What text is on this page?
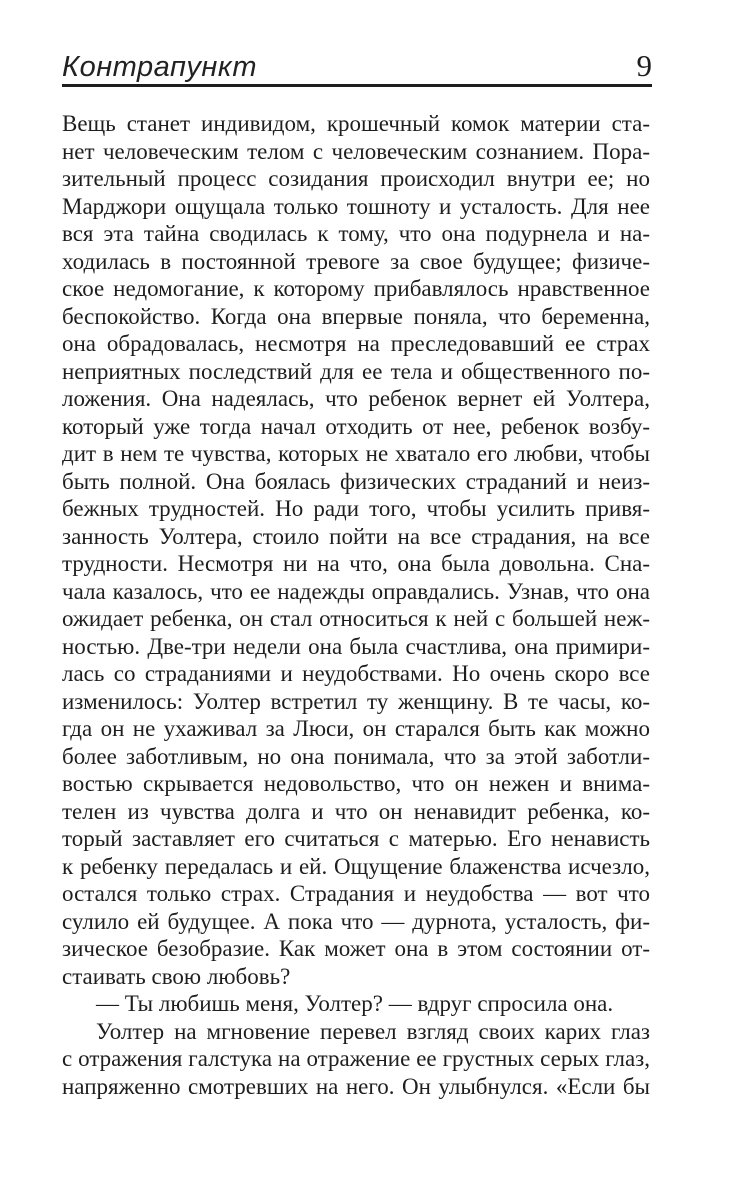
Контрапункт	9
Вещь станет индивидом, крошечный комок материи ста-
нет человеческим телом с человеческим сознанием. Пора-
зительный процесс созидания происходил внутри ее; но
Марджори ощущала только тошноту и усталость. Для нее
вся эта тайна сводилась к тому, что она подурнела и на-
ходилась в постоянной тревоге за свое будущее; физиче-
ское недомогание, к которому прибавлялось нравственное
беспокойство. Когда она впервые поняла, что беременна,
она обрадовалась, несмотря на преследовавший ее страх
неприятных последствий для ее тела и общественного по-
ложения. Она надеялась, что ребенок вернет ей Уолтера,
который уже тогда начал отходить от нее, ребенок возбу-
дит в нем те чувства, которых не хватало его любви, чтобы
быть полной. Она боялась физических страданий и неиз-
бежных трудностей. Но ради того, чтобы усилить привя-
занность Уолтера, стоило пойти на все страдания, на все
трудности. Несмотря ни на что, она была довольна. Сна-
чала казалось, что ее надежды оправдались. Узнав, что она
ожидает ребенка, он стал относиться к ней с большей неж-
ностью. Две-три недели она была счастлива, она примири-
лась со страданиями и неудобствами. Но очень скоро все
изменилось: Уолтер встретил ту женщину. В те часы, ко-
гда он не ухаживал за Люси, он старался быть как можно
более заботливым, но она понимала, что за этой заботли-
востью скрывается недовольство, что он нежен и внима-
телен из чувства долга и что он ненавидит ребенка, ко-
торый заставляет его считаться с матерью. Его ненависть
к ребенку передалась и ей. Ощущение блаженства исчезло,
остался только страх. Страдания и неудобства — вот что
сулило ей будущее. А пока что — дурнота, усталость, фи-
зическое безобразие. Как может она в этом состоянии от-
стаивать свою любовь?
— Ты любишь меня, Уолтер? — вдруг спросила она.
Уолтер на мгновение перевел взгляд своих карих глаз
с отражения галстука на отражение ее грустных серых глаз,
напряженно смотревших на него. Он улыбнулся. «Если бы
